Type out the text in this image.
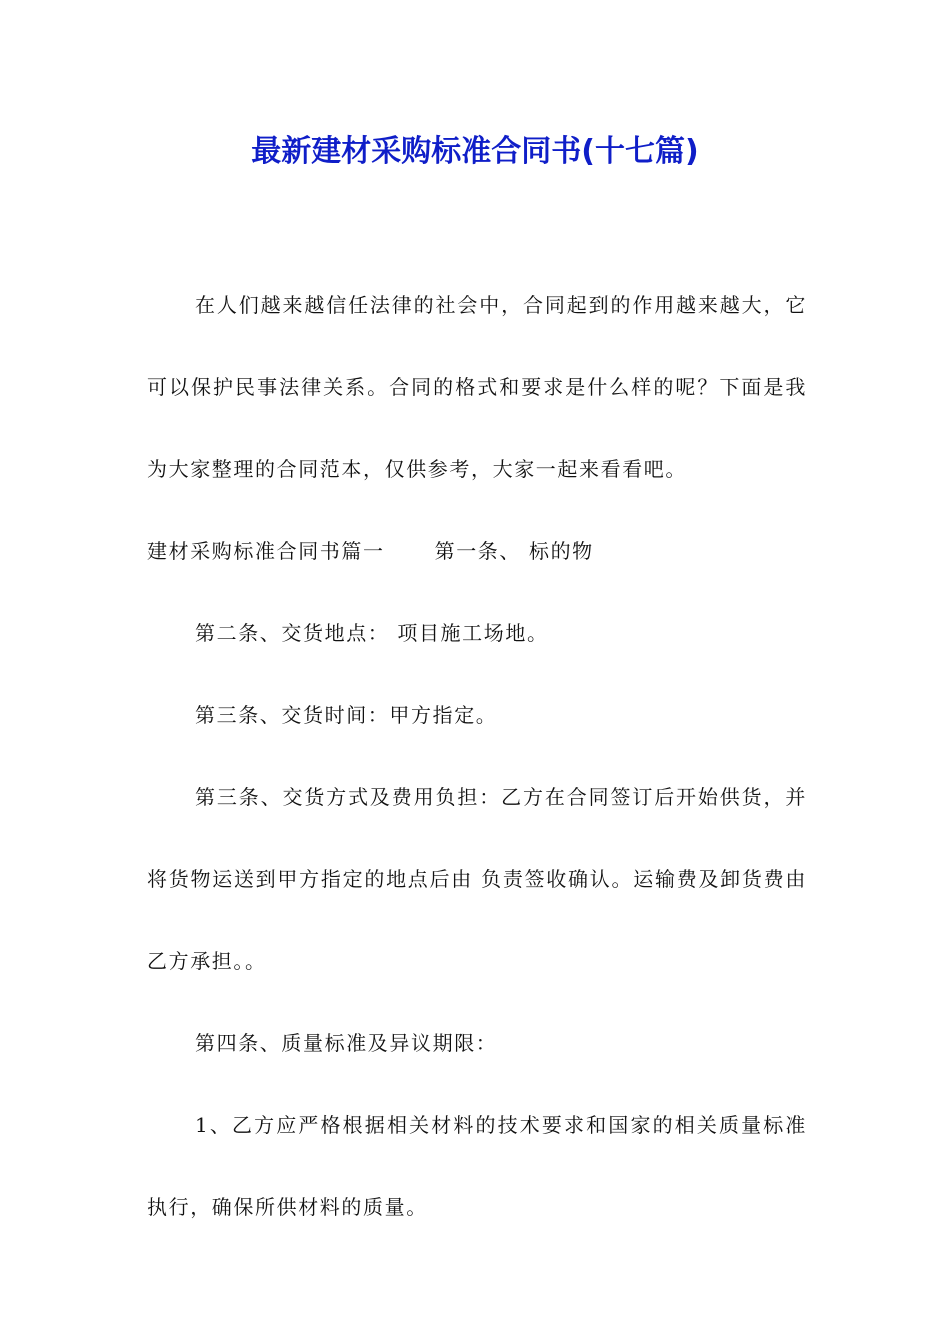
最新建材采购标准合同书(十七篇)

在人们越来越信任法律的社会中，合同起到的作用越来越大，它可以保护民事法律关系。合同的格式和要求是什么样的呢？下面是我为大家整理的合同范本，仅供参考，大家一起来看看吧。

建材采购标准合同书篇一	第一条、 标的物

第二条、交货地点： 项目施工场地。

第三条、交货时间：甲方指定。

第三条、交货方式及费用负担：乙方在合同签订后开始供货，并将货物运送到甲方指定的地点后由 负责签收确认。运输费及卸货费由乙方承担。。

第四条、质量标准及异议期限：

1、乙方应严格根据相关材料的技术要求和国家的相关质量标准执行，确保所供材料的质量。
